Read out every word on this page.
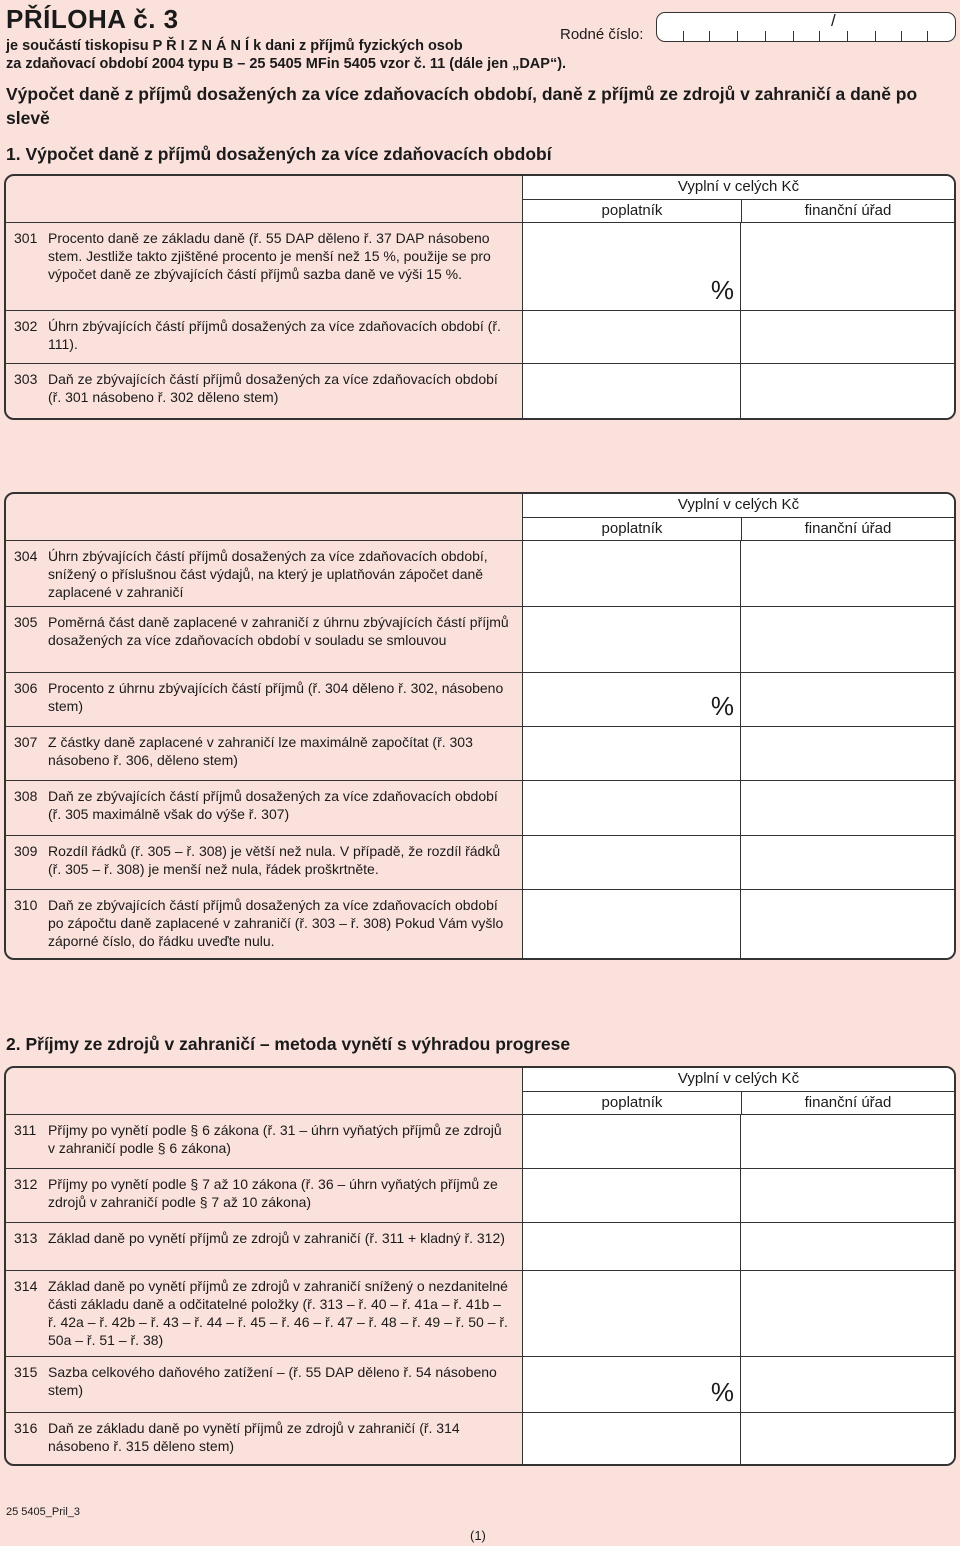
PŘÍLOHA č. 3
je součástí tiskopisu P Ř I Z N Á N Í k dani z příjmů fyzických osob
za zdaňovací období 2004 typu B – 25 5405 MFin 5405 vzor č. 11 (dále jen „DAP“).
Rodné číslo:
/
Výpočet daně z příjmů dosažených za více zdaňovacích období, daně z příjmů ze zdrojů v zahraničí a daně po slevě
1. Výpočet daně z příjmů dosažených za více zdaňovacích období
Vyplní v celých Kč
poplatník	finanční úřad
301 Procento daně ze základu daně (ř. 55 DAP děleno ř. 37 DAP násobeno stem. Jestliže takto zjištěné procento je menší než 15 %, použije se pro výpočet daně ze zbývajících částí příjmů sazba daně ve výši 15 %.
%
302 Úhrn zbývajících částí příjmů dosažených za více zdaňovacích období (ř. 111).
303 Daň ze zbývajících částí příjmů dosažených za více zdaňovacích období (ř. 301 násobeno ř. 302 děleno stem)
Vyplní v celých Kč
poplatník	finanční úřad
304 Úhrn zbývajících částí příjmů dosažených za více zdaňovacích období, snížený o příslušnou část výdajů, na který je uplatňován zápočet daně zaplacené v zahraničí
305 Poměrná část daně zaplacené v zahraničí z úhrnu zbývajících částí příjmů dosažených za více zdaňovacích období v souladu se smlouvou
306 Procento z úhrnu zbývajících částí příjmů (ř. 304 děleno ř. 302, násobeno stem)	%
307 Z částky daně zaplacené v zahraničí lze maximálně započítat (ř. 303 násobeno ř. 306, děleno stem)
308 Daň ze zbývajících částí příjmů dosažených za více zdaňovacích období (ř. 305 maximálně však do výše ř. 307)
309 Rozdíl řádků (ř. 305 – ř. 308) je větší než nula. V případě, že rozdíl řádků (ř. 305 – ř. 308) je menší než nula, řádek proškrtněte.
310 Daň ze zbývajících částí příjmů dosažených za více zdaňovacích období po zápočtu daně zaplacené v zahraničí (ř. 303 – ř. 308) Pokud Vám vyšlo záporné číslo, do řádku uveďte nulu.
2. Příjmy ze zdrojů v zahraničí – metoda vynětí s výhradou progrese
Vyplní v celých Kč
poplatník	finanční úřad
311 Příjmy po vynětí podle § 6 zákona (ř. 31 – úhrn vyňatých příjmů ze zdrojů v zahraničí podle § 6 zákona)
312 Příjmy po vynětí podle § 7 až 10 zákona (ř. 36 – úhrn vyňatých příjmů ze zdrojů v zahraničí podle § 7 až 10 zákona)
313 Základ daně po vynětí příjmů ze zdrojů v zahraničí (ř. 311 + kladný ř. 312)
314 Základ daně po vynětí příjmů ze zdrojů v zahraničí snížený o nezdanitelné části základu daně a odčitatelné položky (ř. 313 – ř. 40 – ř. 41a – ř. 41b – ř. 42a – ř. 42b – ř. 43 – ř. 44 – ř. 45 – ř. 46 – ř. 47 – ř. 48 – ř. 49 – ř. 50 – ř. 50a – ř. 51 – ř. 38)
315 Sazba celkového daňového zatížení – (ř. 55 DAP děleno ř. 54 násobeno stem)	%
316 Daň ze základu daně po vynětí příjmů ze zdrojů v zahraničí (ř. 314 násobeno ř. 315 děleno stem)
25 5405_Pril_3
(1)
